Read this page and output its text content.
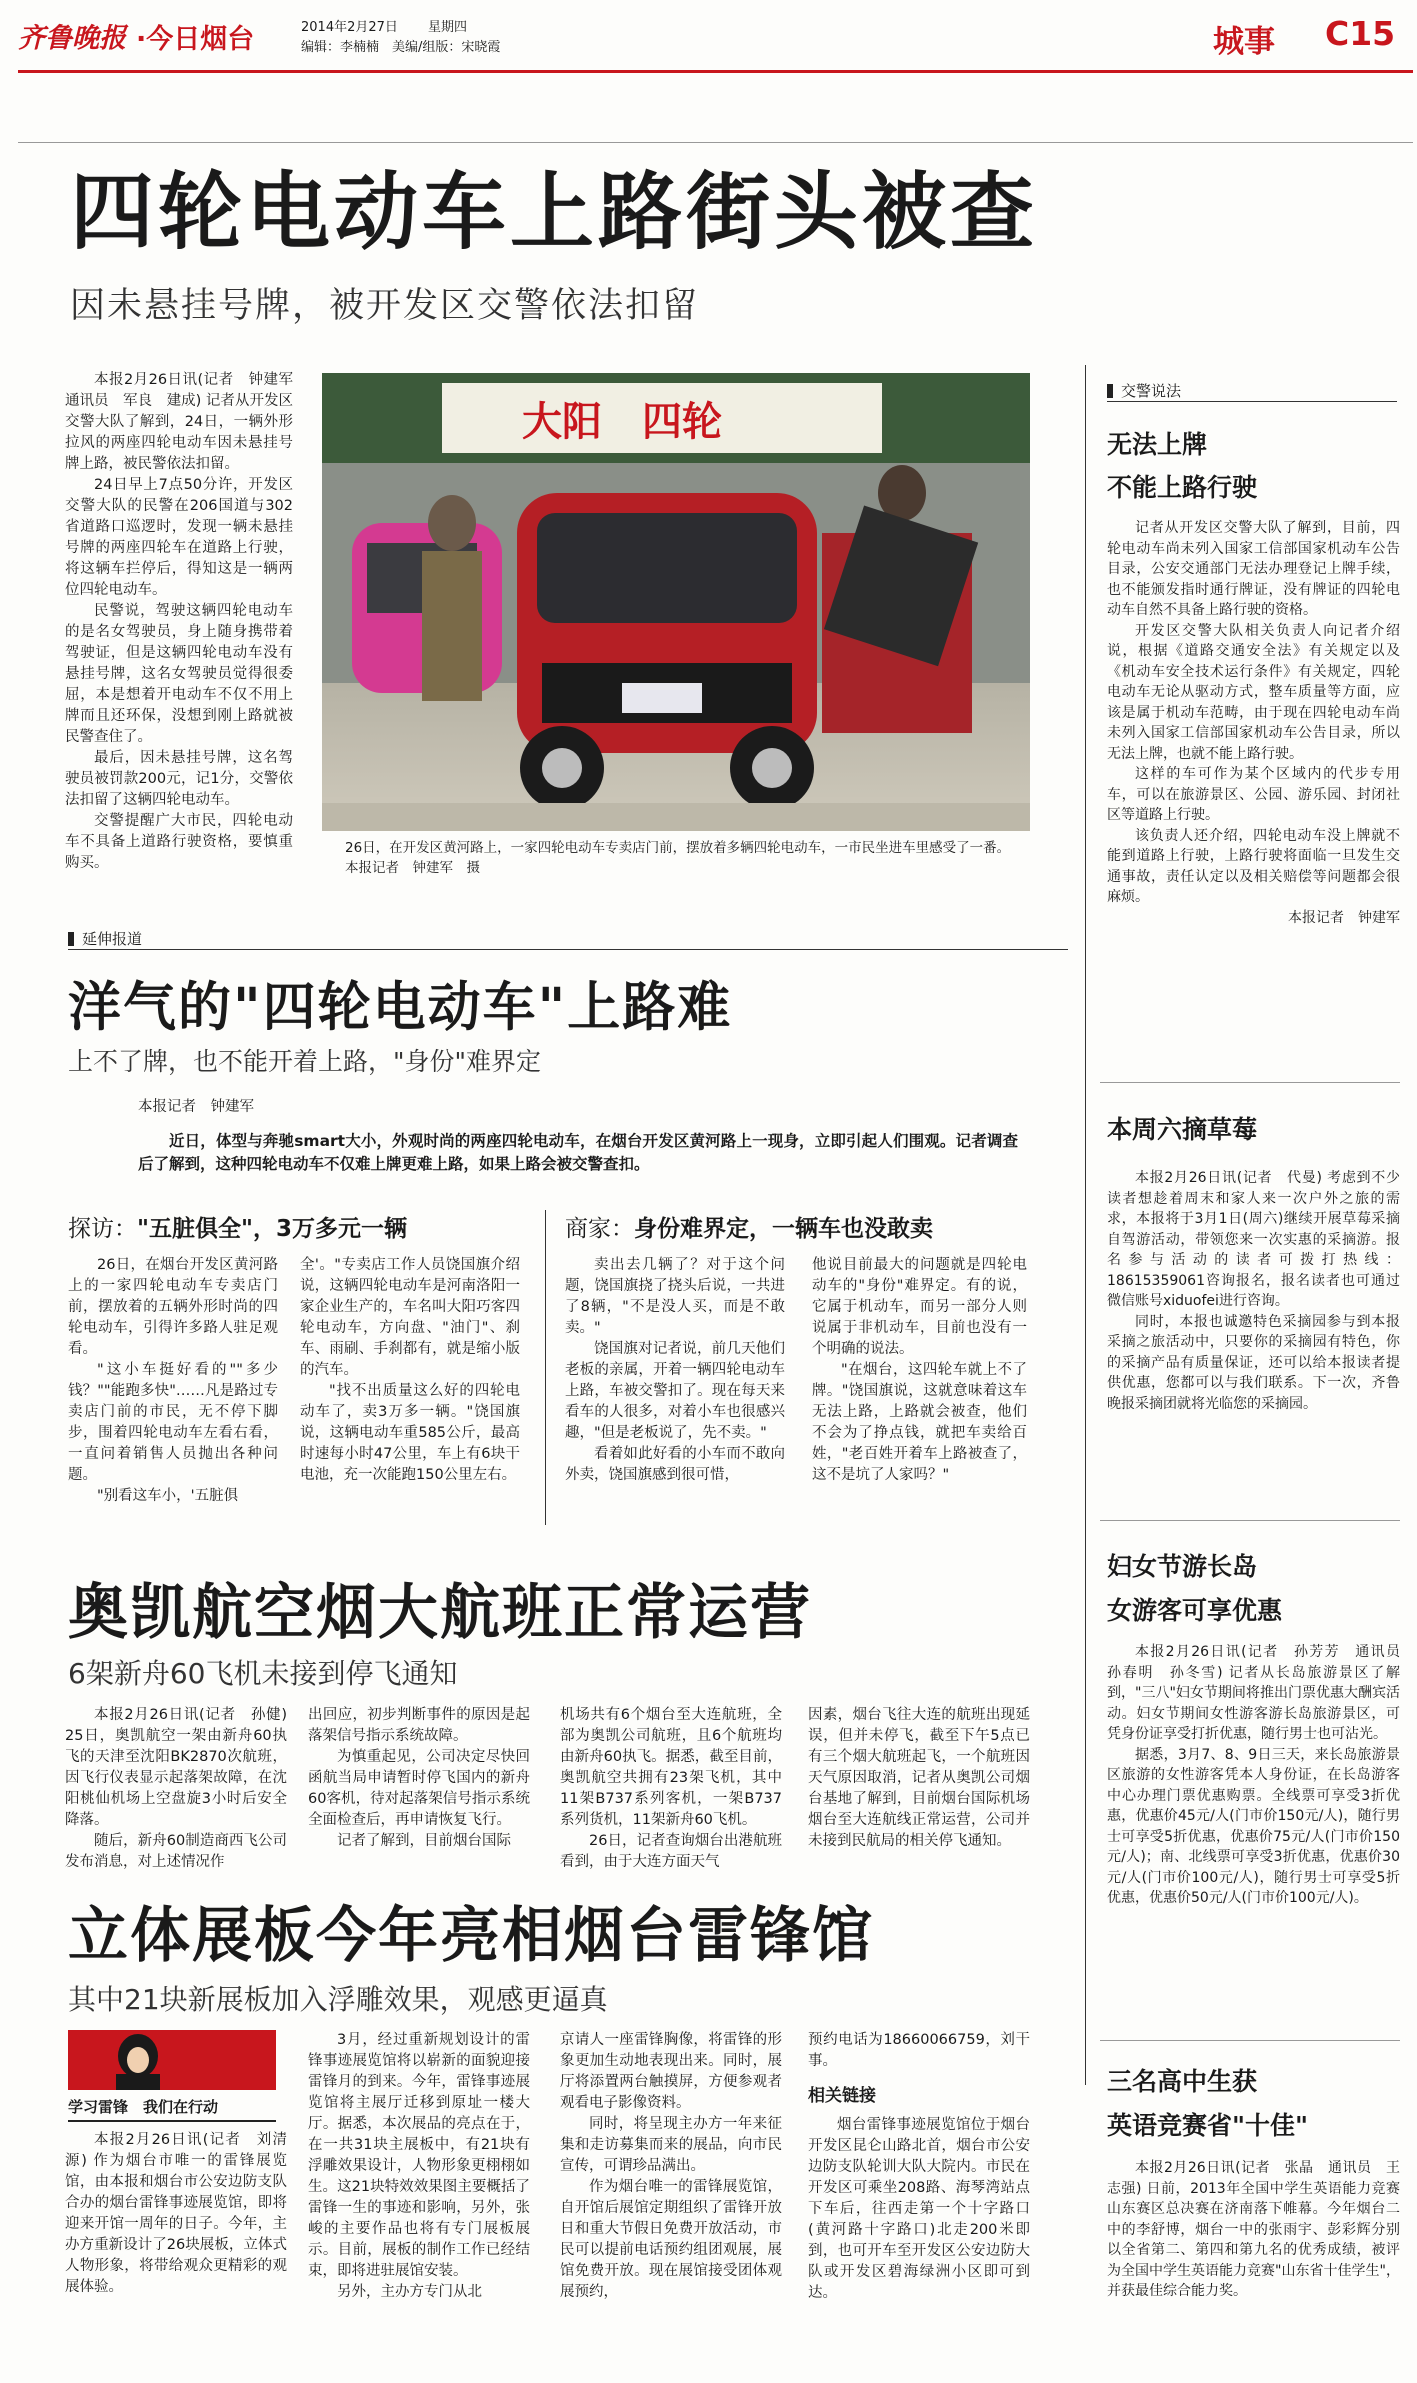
齐鲁晚报 ·今日烟台	2014年2月27日 星期四
编辑：李楠楠　美编/组版：宋晓霞	城事 C15
四轮电动车上路街头被查
因未悬挂号牌，被开发区交警依法扣留

本报2月26日讯(记者　钟建军　通讯员　军良　建成) 记者从开发区交警大队了解到，24日，一辆外形拉风的两座四轮电动车因未悬挂号牌上路，被民警依法扣留。

24日早上7点50分许，开发区交警大队的民警在206国道与302省道路口巡逻时，发现一辆未悬挂号牌的两座四轮车在道路上行驶，将这辆车拦停后，得知这是一辆两位四轮电动车。

民警说，驾驶这辆四轮电动车的是名女驾驶员，身上随身携带着驾驶证，但是这辆四轮电动车没有悬挂号牌，这名女驾驶员觉得很委屈，本是想着开电动车不仅不用上牌而且还环保，没想到刚上路就被民警查住了。

最后，因未悬挂号牌，这名驾驶员被罚款200元，记1分，交警依法扣留了这辆四轮电动车。

交警提醒广大市民，四轮电动车不具备上道路行驶资格，要慎重购买。

大阳　四轮
26日，在开发区黄河路上，一家四轮电动车专卖店门前，摆放着多辆四轮电动车，一市民坐进车里感受了一番。　本报记者　钟建军　摄
交警说法
无法上牌
不能上路行驶

记者从开发区交警大队了解到，目前，四轮电动车尚未列入国家工信部国家机动车公告目录，公安交通部门无法办理登记上牌手续，也不能颁发指时通行牌证，没有牌证的四轮电动车自然不具备上路行驶的资格。

开发区交警大队相关负责人向记者介绍说，根据《道路交通安全法》有关规定以及《机动车安全技术运行条件》有关规定，四轮电动车无论从驱动方式，整车质量等方面，应该是属于机动车范畴，由于现在四轮电动车尚未列入国家工信部国家机动车公告目录，所以无法上牌，也就不能上路行驶。

这样的车可作为某个区域内的代步专用车，可以在旅游景区、公园、游乐园、封闭社区等道路上行驶。

该负责人还介绍，四轮电动车没上牌就不能到道路上行驶，上路行驶将面临一旦发生交通事故，责任认定以及相关赔偿等问题都会很麻烦。

本报记者　钟建军

延伸报道
洋气的"四轮电动车"上路难
上不了牌，也不能开着上路，"身份"难界定
本报记者　钟建军

近日，体型与奔驰smart大小，外观时尚的两座四轮电动车，在烟台开发区黄河路上一现身，立即引起人们围观。记者调查后了解到，这种四轮电动车不仅难上牌更难上路，如果上路会被交警查扣。

探访："五脏俱全"，3万多元一辆	商家：身份难界定，一辆车也没敢卖

26日，在烟台开发区黄河路上的一家四轮电动车专卖店门前，摆放着的五辆外形时尚的四轮电动车，引得许多路人驻足观看。

"这小车挺好看的""多少钱？""能跑多快"……凡是路过专卖店门前的市民，无不停下脚步，围着四轮电动车左看右看，一直问着销售人员抛出各种问题。

"别看这车小，'五脏俱

全'。"专卖店工作人员饶国旗介绍说，这辆四轮电动车是河南洛阳一家企业生产的，车名叫大阳巧客四轮电动车，方向盘、"油门"、刹车、雨刷、手刹都有，就是缩小版的汽车。

"找不出质量这么好的四轮电动车了，卖3万多一辆。"饶国旗说，这辆电动车重585公斤，最高时速每小时47公里，车上有6块干电池，充一次能跑150公里左右。

卖出去几辆了？对于这个问题，饶国旗挠了挠头后说，一共进了8辆，"不是没人买，而是不敢卖。"

饶国旗对记者说，前几天他们老板的亲属，开着一辆四轮电动车上路，车被交警扣了。现在每天来看车的人很多，对着小车也很感兴趣，"但是老板说了，先不卖。"

看着如此好看的小车而不敢向外卖，饶国旗感到很可惜，

他说目前最大的问题就是四轮电动车的"身份"难界定。有的说，它属于机动车，而另一部分人则说属于非机动车，目前也没有一个明确的说法。

"在烟台，这四轮车就上不了牌。"饶国旗说，这就意味着这车无法上路，上路就会被查，他们不会为了挣点钱，就把车卖给百姓，"老百姓开着车上路被查了，这不是坑了人家吗？"

本周六摘草莓

本报2月26日讯(记者　代曼) 考虑到不少读者想趁着周末和家人来一次户外之旅的需求，本报将于3月1日(周六)继续开展草莓采摘自驾游活动，带领您来一次实惠的采摘游。报名参与活动的读者可拨打热线：18615359061咨询报名，报名读者也可通过微信账号xiduofei进行咨询。

同时，本报也诚邀特色采摘园参与到本报采摘之旅活动中，只要你的采摘园有特色，你的采摘产品有质量保证，还可以给本报读者提供优惠，您都可以与我们联系。下一次，齐鲁晚报采摘团就将光临您的采摘园。

奥凯航空烟大航班正常运营
6架新舟60飞机未接到停飞通知

本报2月26日讯(记者　孙健) 25日，奥凯航空一架由新舟60执飞的天津至沈阳BK2870次航班，因飞行仪表显示起落架故障，在沈阳桃仙机场上空盘旋3小时后安全降落。

随后，新舟60制造商西飞公司发布消息，对上述情况作

出回应，初步判断事件的原因是起落架信号指示系统故障。

为慎重起见，公司决定尽快回函航当局申请暂时停飞国内的新舟60客机，待对起落架信号指示系统全面检查后，再申请恢复飞行。

记者了解到，目前烟台国际

机场共有6个烟台至大连航班，全部为奥凯公司航班，且6个航班均由新舟60执飞。据悉，截至目前，奥凯航空共拥有23架飞机，其中11架B737系列客机，一架B737系列货机，11架新舟60飞机。

26日，记者查询烟台出港航班看到，由于大连方面天气

因素，烟台飞往大连的航班出现延误，但并未停飞，截至下午5点已有三个烟大航班起飞，一个航班因天气原因取消，记者从奥凯公司烟台基地了解到，目前烟台国际机场烟台至大连航线正常运营，公司并未接到民航局的相关停飞通知。

妇女节游长岛
女游客可享优惠

本报2月26日讯(记者　孙芳芳　通讯员　孙春明　孙冬雪) 记者从长岛旅游景区了解到，"三八"妇女节期间将推出门票优惠大酬宾活动。妇女节期间女性游客游长岛旅游景区，可凭身份证享受打折优惠，随行男士也可沾光。

据悉，3月7、8、9日三天，来长岛旅游景区旅游的女性游客凭本人身份证，在长岛游客中心办理门票优惠购票。全线票可享受3折优惠，优惠价45元/人(门市价150元/人)，随行男士可享受5折优惠，优惠价75元/人(门市价150元/人)；南、北线票可享受3折优惠，优惠价30元/人(门市价100元/人)，随行男士可享受5折优惠，优惠价50元/人(门市价100元/人)。

立体展板今年亮相烟台雷锋馆
其中21块新展板加入浮雕效果，观感更逼真
学习雷锋　我们在行动

本报2月26日讯(记者　刘清源) 作为烟台市唯一的雷锋展览馆，由本报和烟台市公安边防支队合办的烟台雷锋事迹展览馆，即将迎来开馆一周年的日子。今年，主办方重新设计了26块展板，立体式人物形象，将带给观众更精彩的观展体验。

3月，经过重新规划设计的雷锋事迹展览馆将以崭新的面貌迎接雷锋月的到来。今年，雷锋事迹展览馆将主展厅迁移到原址一楼大厅。据悉，本次展品的亮点在于，在一共31块主展板中，有21块有浮雕效果设计，人物形象更栩栩如生。这21块特效效果图主要概括了雷锋一生的事迹和影响，另外，张峻的主要作品也将有专门展板展示。目前，展板的制作工作已经结束，即将进驻展馆安装。

另外，主办方专门从北

京请人一座雷锋胸像，将雷锋的形象更加生动地表现出来。同时，展厅将添置两台触摸屏，方便参观者观看电子影像资料。

同时，将呈现主办方一年来征集和走访募集而来的展品，向市民宣传，可谓珍品满出。

作为烟台唯一的雷锋展览馆，自开馆后展馆定期组织了雷锋开放日和重大节假日免费开放活动，市民可以提前电话预约组团观展，展馆免费开放。现在展馆接受团体观展预约，

预约电话为18660066759，刘干事。

相关链接

烟台雷锋事迹展览馆位于烟台开发区昆仑山路北首，烟台市公安边防支队轮训大队大院内。市民在开发区可乘坐208路、海琴湾站点下车后，往西走第一个十字路口(黄河路十字路口)北走200米即到，也可开车至开发区公安边防大队或开发区碧海绿洲小区即可到达。

三名高中生获
英语竞赛省"十佳"

本报2月26日讯(记者　张晶　通讯员　王志强) 日前，2013年全国中学生英语能力竞赛山东赛区总决赛在济南落下帷幕。今年烟台二中的李舒博，烟台一中的张雨宇、彭彩辉分别以全省第二、第四和第九名的优秀成绩，被评为全国中学生英语能力竞赛"山东省十佳学生"，并获最佳综合能力奖。
